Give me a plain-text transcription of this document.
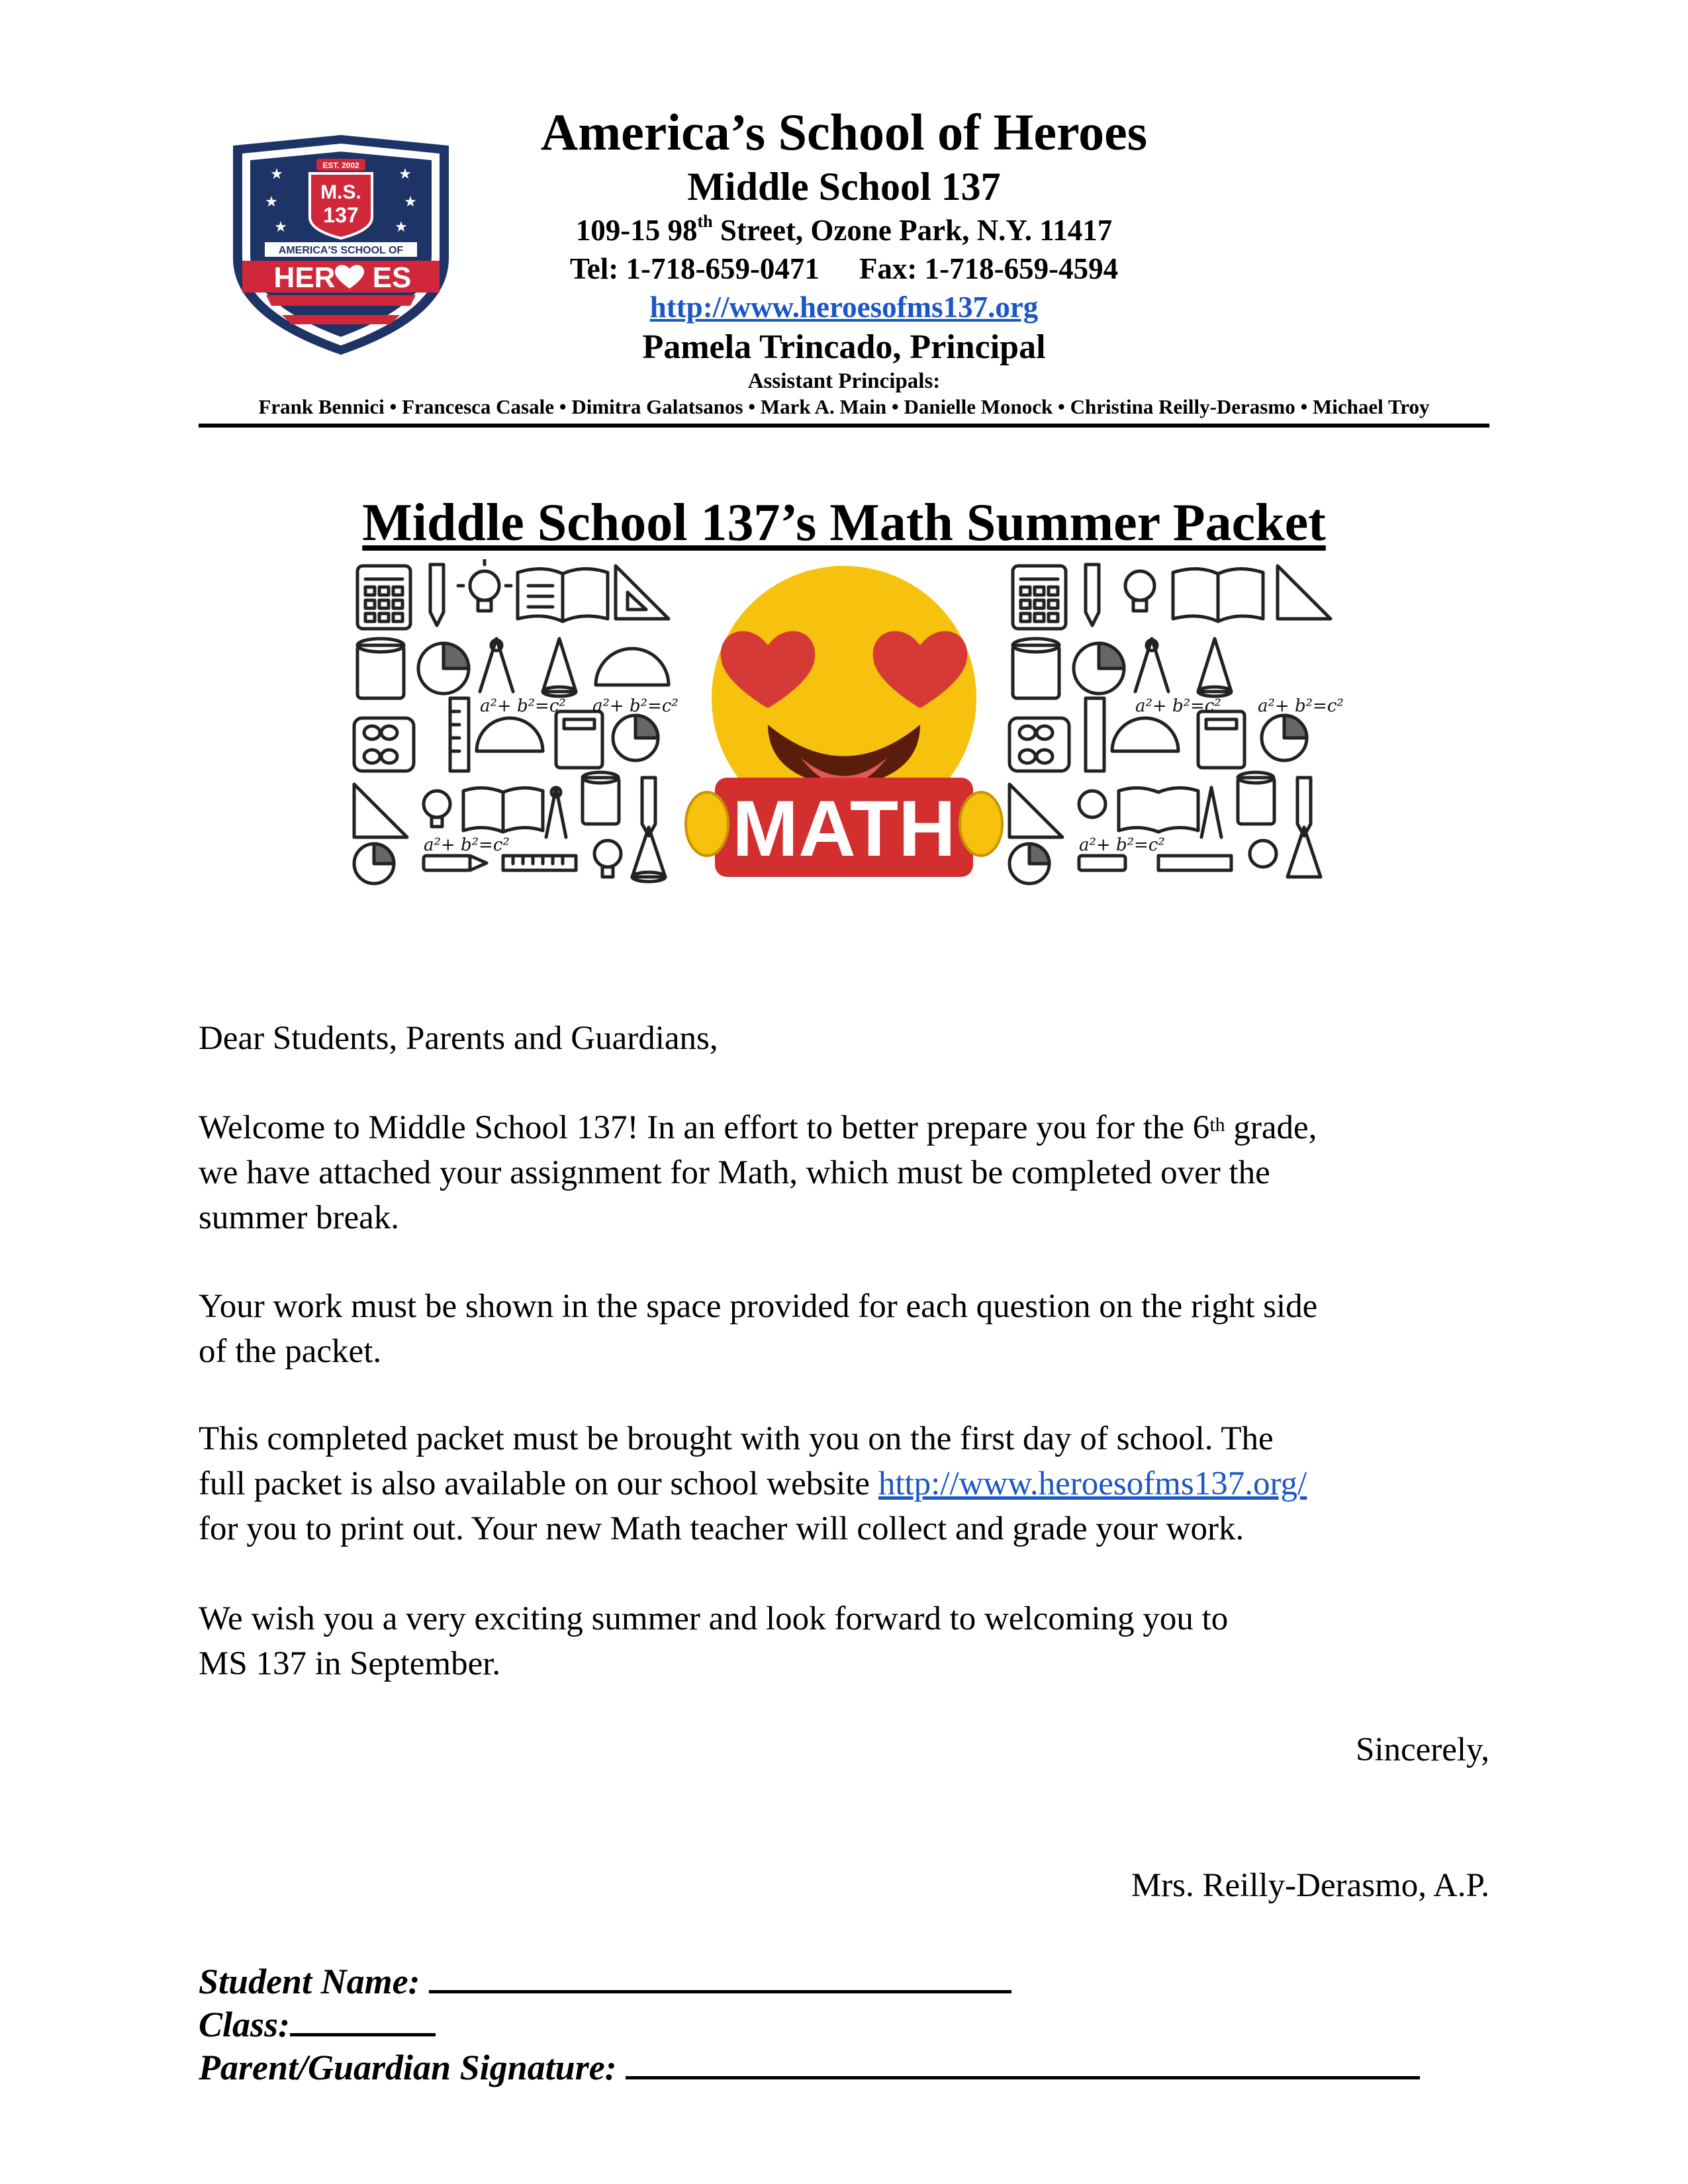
★	★
★	★
★	★
EST. 2002
M.S.
137
AMERICA'S SCHOOL OF
HER ES
America’s School of Heroes
Middle School 137
109-15 98th Street, Ozone Park, N.Y. 11417
Tel: 1-718-659-0471 Fax: 1-718-659-4594
http://www.heroesofms137.org
Pamela Trincado, Principal
Assistant Principals:
Frank Bennici • Francesca Casale • Dimitra Galatsanos • Mark A. Main • Danielle Monock • Christina Reilly-Derasmo • Michael Troy
Middle School 137’s Math Summer Packet
a²+ b²=c² a²+ b²=c²
a²+ b²=c²
a²+ b²=c² a²+ b²=c²
a²+ b²=c²
MATH
Dear Students, Parents and Guardians,

Welcome to Middle School 137! In an effort to better prepare you for the 6th grade,

we have attached your assignment for Math, which must be completed over the

summer break.

Your work must be shown in the space provided for each question on the right side

of the packet.

This completed packet must be brought with you on the first day of school. The

full packet is also available on our school website http://www.heroesofms137.org/

for you to print out. Your new Math teacher will collect and grade your work.

We wish you a very exciting summer and look forward to welcoming you to

MS 137 in September.

Sincerely,
Mrs. Reilly-Derasmo, A.P.
Student Name:
Class:
Parent/Guardian Signature:
